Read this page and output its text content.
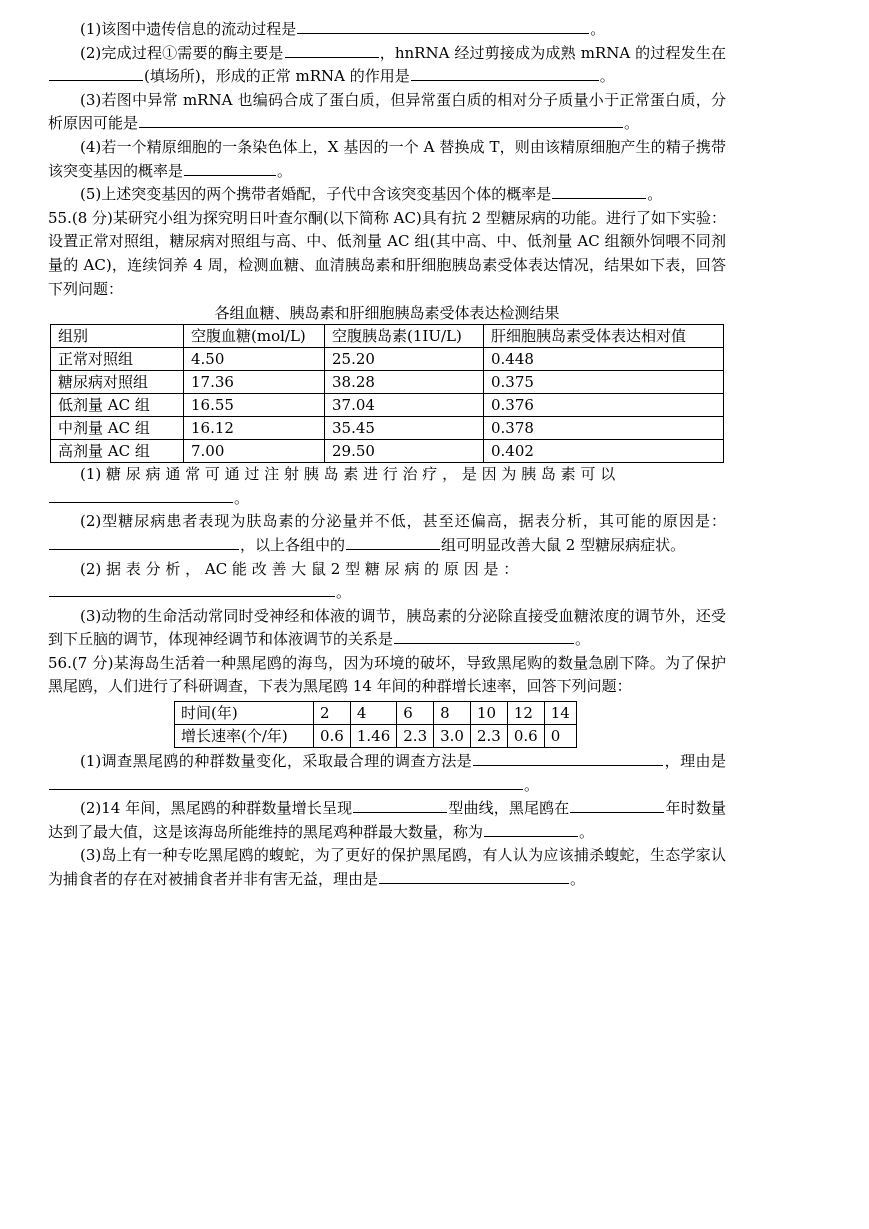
(1)该图中遗传信息的流动过程是	。

(2)完成过程①需要的酶主要是	，hnRNA 经过剪接成为成熟 mRNA 的过程发生在(填场所)，形成的正常 mRNA 的作用是	。

(3)若图中异常 mRNA 也编码合成了蛋白质，但异常蛋白质的相对分子质量小于正常蛋白质，分析原因可能是	。

(4)若一个精原细胞的一条染色体上，X 基因的一个 A 替换成 T，则由该精原细胞产生的精子携带该突变基因的概率是	。

(5)上述突变基因的两个携带者婚配，子代中含该突变基因个体的概率是	。

55.(8 分)某研究小组为探究明日叶查尔酮(以下简称 AC)具有抗 2 型糖尿病的功能。进行了如下实验：设置正常对照组，糖尿病对照组与高、中、低剂量 AC 组(其中高、中、低剂量 AC 组额外饲喂不同剂量的 AC)，连续饲养 4 周，检测血糖、血清胰岛素和肝细胞胰岛素受体表达情况，结果如下表，回答下列问题：

各组血糖、胰岛素和肝细胞胰岛素受体表达检测结果
组别	空腹血糖(mol/L)	空腹胰岛素(1IU/L)	肝细胞胰岛素受体表达相对值
正常对照组	4.50	25.20	0.448
糖尿病对照组	17.36	38.28	0.375
低剂量 AC 组	16.55	37.04	0.376
中剂量 AC 组	16.12	35.45	0.378
高剂量 AC 组	7.00	29.50	0.402

(1) 糖 尿 病 通 常 可 通 过 注 射 胰 岛 素 进 行 治 疗 ， 是 因 为 胰 岛 素 可 以
。

(2)型糖尿病患者表现为肤岛素的分泌量并不低，甚至还偏高，据表分析，其可能的原因是：，以上各组中的	组可明显改善大鼠 2 型糖尿病症状。

(2) 据 表 分 析 ， AC 能 改 善 大 鼠 2 型 糖 尿 病 的 原 因 是 ：
。

(3)动物的生命活动常同时受神经和体液的调节，胰岛素的分泌除直接受血糖浓度的调节外，还受到下丘脑的调节，体现神经调节和体液调节的关系是	。

56.(7 分)某海岛生活着一种黑尾鸥的海鸟，因为环境的破坏，导致黑尾购的数量急剧下降。为了保护黑尾鸥，人们进行了科研调查，下表为黑尾鸥 14 年间的种群增长速率，回答下列问题：

时间(年)	2	4	6	8	10	12	14
增长速率(个/年)	0.6	1.46	2.3	3.0	2.3	0.6	0

(1)调查黑尾鸥的种群数量变化，采取最合理的调查方法是	，理由是。

(2)14 年间，黑尾鸥的种群数量增长呈现	型曲线，黑尾鸥在	年时数量达到了最大值，这是该海岛所能维持的黑尾鸡种群最大数量，称为	。

(3)岛上有一种专吃黑尾鸥的蝮蛇，为了更好的保护黑尾鸥，有人认为应该捕杀蝮蛇，生态学家认为捕食者的存在对被捕食者并非有害无益，理由是	。
